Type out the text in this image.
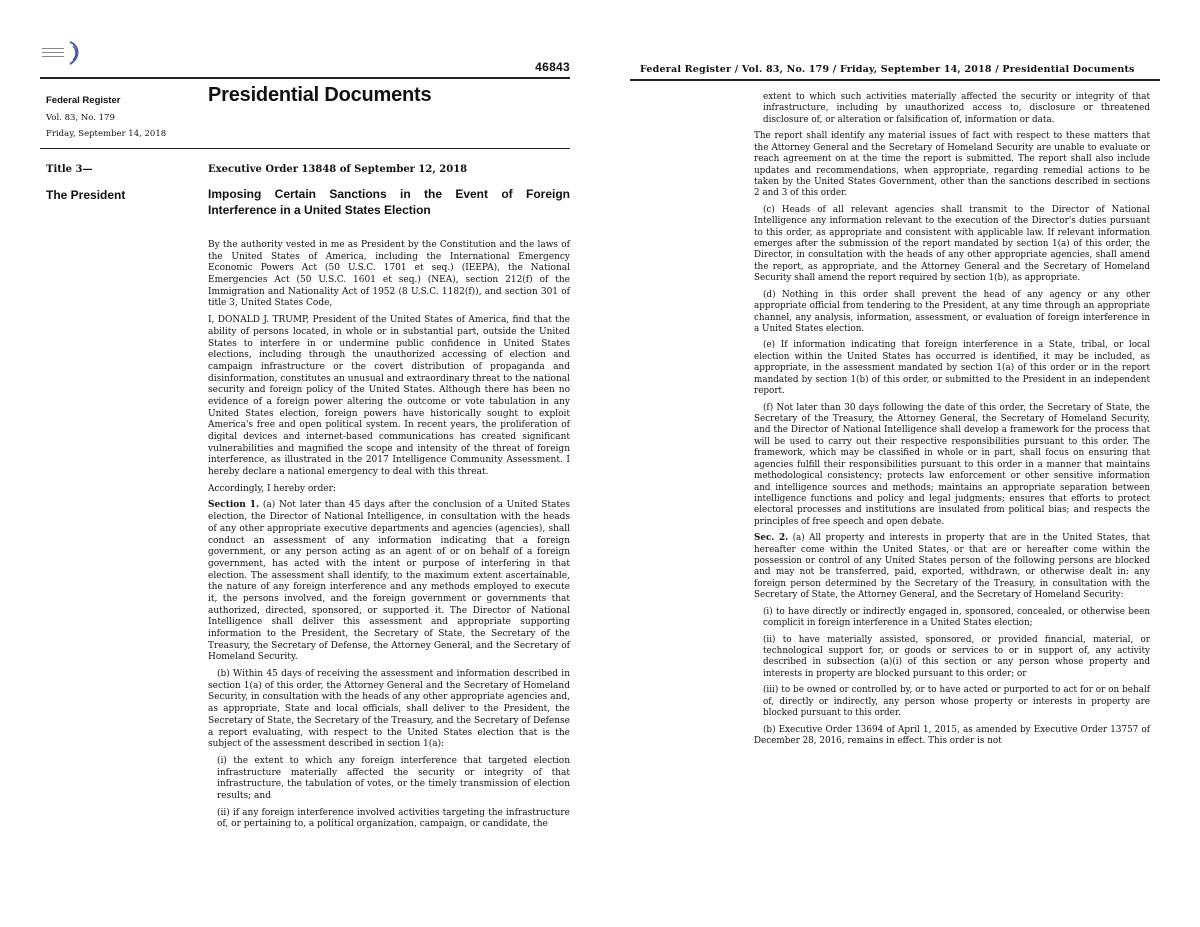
46843
Federal Register
Vol. 83, No. 179
Friday, September 14, 2018
Presidential Documents
Title 3—
The President
Executive Order 13848 of September 12, 2018
Imposing Certain Sanctions in the Event of Foreign Interference in a United States Election

By the authority vested in me as President by the Constitution and the laws of the United States of America, including the International Emergency Economic Powers Act (50 U.S.C. 1701 et seq.) (IEEPA), the National Emergencies Act (50 U.S.C. 1601 et seq.) (NEA), section 212(f) of the Immigration and Nationality Act of 1952 (8 U.S.C. 1182(f)), and section 301 of title 3, United States Code,

I, DONALD J. TRUMP, President of the United States of America, find that the ability of persons located, in whole or in substantial part, outside the United States to interfere in or undermine public confidence in United States elections, including through the unauthorized accessing of election and campaign infrastructure or the covert distribution of propaganda and disinformation, constitutes an unusual and extraordinary threat to the national security and foreign policy of the United States. Although there has been no evidence of a foreign power altering the outcome or vote tabulation in any United States election, foreign powers have historically sought to exploit America's free and open political system. In recent years, the proliferation of digital devices and internet-based communications has created significant vulnerabilities and magnified the scope and intensity of the threat of foreign interference, as illustrated in the 2017 Intelligence Community Assessment. I hereby declare a national emergency to deal with this threat.

Accordingly, I hereby order:

Section 1. (a) Not later than 45 days after the conclusion of a United States election, the Director of National Intelligence, in consultation with the heads of any other appropriate executive departments and agencies (agencies), shall conduct an assessment of any information indicating that a foreign government, or any person acting as an agent of or on behalf of a foreign government, has acted with the intent or purpose of interfering in that election. The assessment shall identify, to the maximum extent ascertainable, the nature of any foreign interference and any methods employed to execute it, the persons involved, and the foreign government or governments that authorized, directed, sponsored, or supported it. The Director of National Intelligence shall deliver this assessment and appropriate supporting information to the President, the Secretary of State, the Secretary of the Treasury, the Secretary of Defense, the Attorney General, and the Secretary of Homeland Security.

(b) Within 45 days of receiving the assessment and information described in section 1(a) of this order, the Attorney General and the Secretary of Homeland Security, in consultation with the heads of any other appropriate agencies and, as appropriate, State and local officials, shall deliver to the President, the Secretary of State, the Secretary of the Treasury, and the Secretary of Defense a report evaluating, with respect to the United States election that is the subject of the assessment described in section 1(a):

(i) the extent to which any foreign interference that targeted election infrastructure materially affected the security or integrity of that infrastructure, the tabulation of votes, or the timely transmission of election results; and

(ii) if any foreign interference involved activities targeting the infrastructure of, or pertaining to, a political organization, campaign, or candidate, the

Federal Register / Vol. 83, No. 179 / Friday, September 14, 2018 / Presidential Documents

extent to which such activities materially affected the security or integrity of that infrastructure, including by unauthorized access to, disclosure or threatened disclosure of, or alteration or falsification of, information or data.

The report shall identify any material issues of fact with respect to these matters that the Attorney General and the Secretary of Homeland Security are unable to evaluate or reach agreement on at the time the report is submitted. The report shall also include updates and recommendations, when appropriate, regarding remedial actions to be taken by the United States Government, other than the sanctions described in sections 2 and 3 of this order.

(c) Heads of all relevant agencies shall transmit to the Director of National Intelligence any information relevant to the execution of the Director's duties pursuant to this order, as appropriate and consistent with applicable law. If relevant information emerges after the submission of the report mandated by section 1(a) of this order, the Director, in consultation with the heads of any other appropriate agencies, shall amend the report, as appropriate, and the Attorney General and the Secretary of Homeland Security shall amend the report required by section 1(b), as appropriate.

(d) Nothing in this order shall prevent the head of any agency or any other appropriate official from tendering to the President, at any time through an appropriate channel, any analysis, information, assessment, or evaluation of foreign interference in a United States election.

(e) If information indicating that foreign interference in a State, tribal, or local election within the United States has occurred is identified, it may be included, as appropriate, in the assessment mandated by section 1(a) of this order or in the report mandated by section 1(b) of this order, or submitted to the President in an independent report.

(f) Not later than 30 days following the date of this order, the Secretary of State, the Secretary of the Treasury, the Attorney General, the Secretary of Homeland Security, and the Director of National Intelligence shall develop a framework for the process that will be used to carry out their respective responsibilities pursuant to this order. The framework, which may be classified in whole or in part, shall focus on ensuring that agencies fulfill their responsibilities pursuant to this order in a manner that maintains methodological consistency; protects law enforcement or other sensitive information and intelligence sources and methods; maintains an appropriate separation between intelligence functions and policy and legal judgments; ensures that efforts to protect electoral processes and institutions are insulated from political bias; and respects the principles of free speech and open debate.

Sec. 2. (a) All property and interests in property that are in the United States, that hereafter come within the United States, or that are or hereafter come within the possession or control of any United States person of the following persons are blocked and may not be transferred, paid, exported, withdrawn, or otherwise dealt in: any foreign person determined by the Secretary of the Treasury, in consultation with the Secretary of State, the Attorney General, and the Secretary of Homeland Security:

(i) to have directly or indirectly engaged in, sponsored, concealed, or otherwise been complicit in foreign interference in a United States election;

(ii) to have materially assisted, sponsored, or provided financial, material, or technological support for, or goods or services to or in support of, any activity described in subsection (a)(i) of this section or any person whose property and interests in property are blocked pursuant to this order; or

(iii) to be owned or controlled by, or to have acted or purported to act for or on behalf of, directly or indirectly, any person whose property or interests in property are blocked pursuant to this order.

(b) Executive Order 13694 of April 1, 2015, as amended by Executive Order 13757 of December 28, 2016, remains in effect. This order is not
